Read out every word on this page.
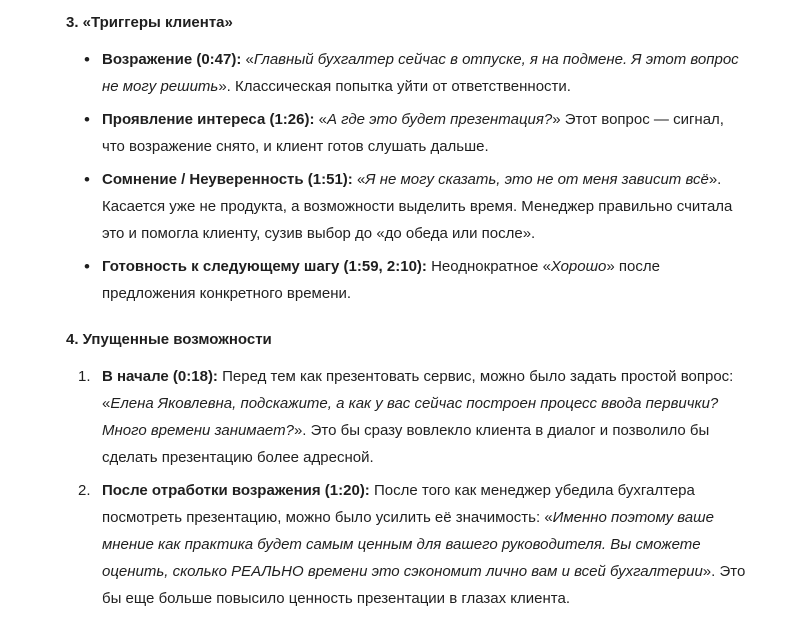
3. «Триггеры клиента»
• Возражение (0:47): «Главный бухгалтер сейчас в отпуске, я на подмене. Я этот вопрос не могу решить». Классическая попытка уйти от ответственности.
• Проявление интереса (1:26): «А где это будет презентация?» Этот вопрос — сигнал, что возражение снято, и клиент готов слушать дальше.
• Сомнение / Неуверенность (1:51): «Я не могу сказать, это не от меня зависит всё». Касается уже не продукта, а возможности выделить время. Менеджер правильно считала это и помогла клиенту, сузив выбор до «до обеда или после».
• Готовность к следующему шагу (1:59, 2:10): Неоднократное «Хорошо» после предложения конкретного времени.
4. Упущенные возможности
1. В начале (0:18): Перед тем как презентовать сервис, можно было задать простой вопрос: «Елена Яковлевна, подскажите, а как у вас сейчас построен процесс ввода первички? Много времени занимает?». Это бы сразу вовлекло клиента в диалог и позволило бы сделать презентацию более адресной.
2. После отработки возражения (1:20): После того как менеджер убедила бухгалтера посмотреть презентацию, можно было усилить её значимость: «Именно поэтому ваше мнение как практика будет самым ценным для вашего руководителя. Вы сможете оценить, сколько РЕАЛЬНО времени это сэкономит лично вам и всей бухгалтерии». Это бы еще больше повысило ценность презентации в глазах клиента.
